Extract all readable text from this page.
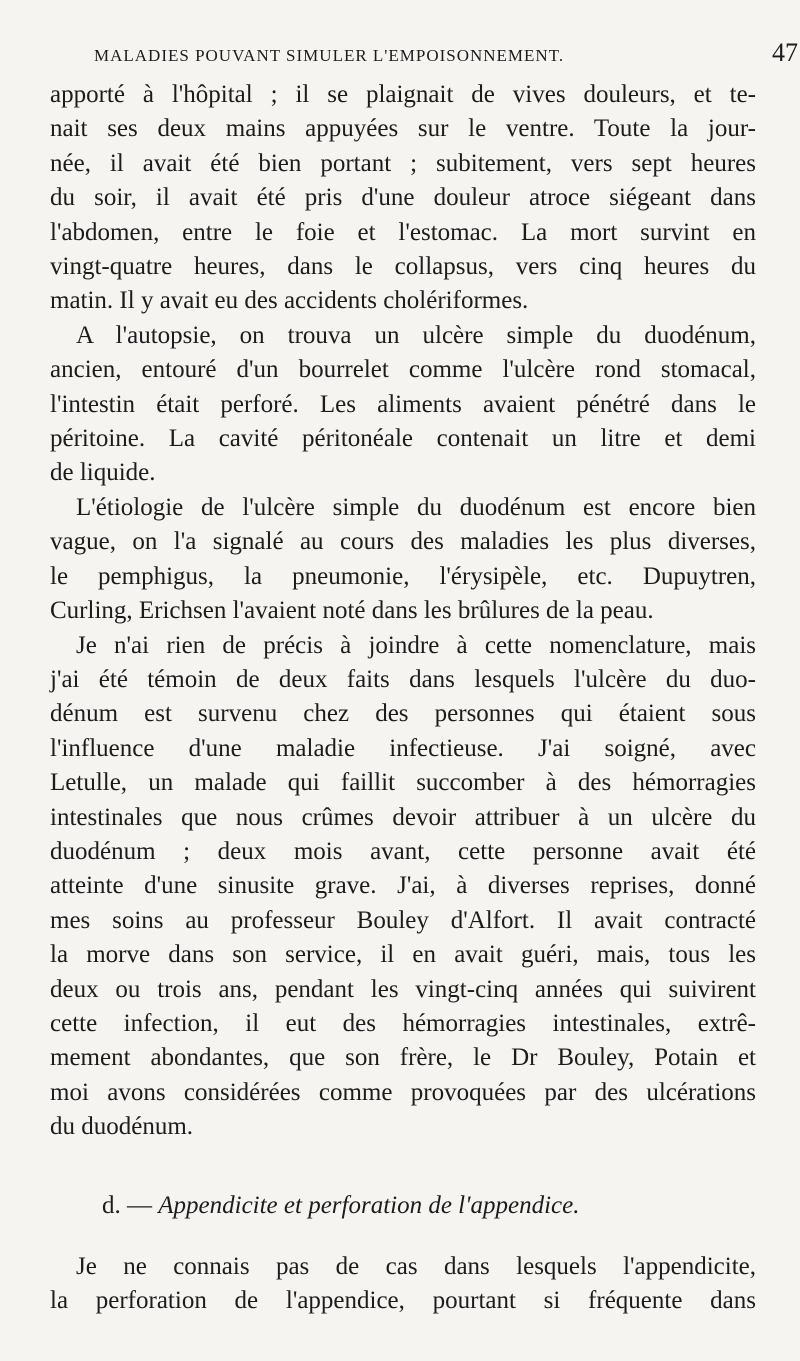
MALADIES POUVANT SIMULER L'EMPOISONNEMENT.	47

apporté à l'hôpital ; il se plaignait de vives douleurs, et te-
nait ses deux mains appuyées sur le ventre. Toute la jour-
née, il avait été bien portant ; subitement, vers sept heures
du soir, il avait été pris d'une douleur atroce siégeant dans
l'abdomen, entre le foie et l'estomac. La mort survint en
vingt-quatre heures, dans le collapsus, vers cinq heures du
matin. Il y avait eu des accidents cholériformes.

A l'autopsie, on trouva un ulcère simple du duodénum,
ancien, entouré d'un bourrelet comme l'ulcère rond stomacal,
l'intestin était perforé. Les aliments avaient pénétré dans le
péritoine. La cavité péritonéale contenait un litre et demi
de liquide.

L'étiologie de l'ulcère simple du duodénum est encore bien
vague, on l'a signalé au cours des maladies les plus diverses,
le pemphigus, la pneumonie, l'érysipèle, etc. Dupuytren,
Curling, Erichsen l'avaient noté dans les brûlures de la peau.

Je n'ai rien de précis à joindre à cette nomenclature, mais
j'ai été témoin de deux faits dans lesquels l'ulcère du duo-
dénum est survenu chez des personnes qui étaient sous
l'influence d'une maladie infectieuse. J'ai soigné, avec
Letulle, un malade qui faillit succomber à des hémorragies
intestinales que nous crûmes devoir attribuer à un ulcère du
duodénum ; deux mois avant, cette personne avait été
atteinte d'une sinusite grave. J'ai, à diverses reprises, donné
mes soins au professeur Bouley d'Alfort. Il avait contracté
la morve dans son service, il en avait guéri, mais, tous les
deux ou trois ans, pendant les vingt-cinq années qui suivirent
cette infection, il eut des hémorragies intestinales, extrê-
mement abondantes, que son frère, le Dr Bouley, Potain et
moi avons considérées comme provoquées par des ulcérations
du duodénum.

d. — Appendicite et perforation de l'appendice.

Je ne connais pas de cas dans lesquels l'appendicite,
la perforation de l'appendice, pourtant si fréquente dans
